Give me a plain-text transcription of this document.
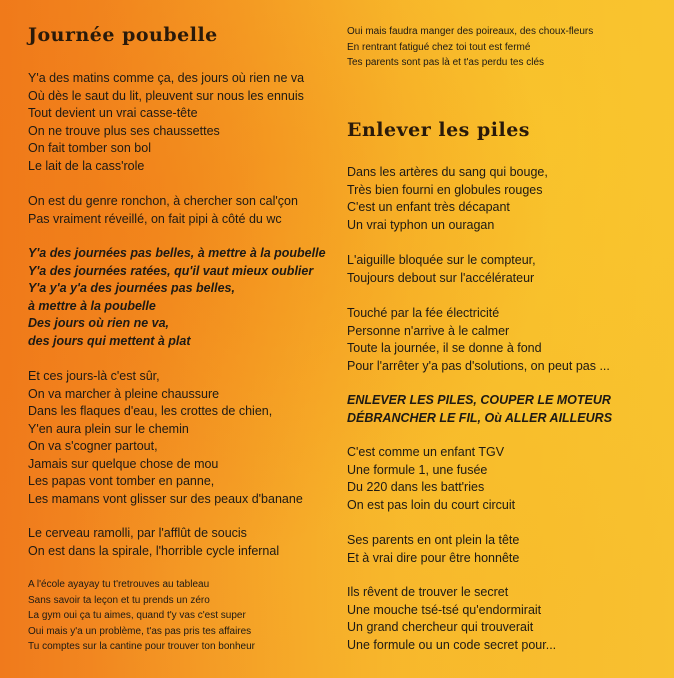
Journée poubelle
Y'a des matins comme ça, des jours où rien ne va
Où dès le saut du lit, pleuvent sur nous les ennuis
Tout devient un vrai casse-tête
On ne trouve plus ses chaussettes
On fait tomber son bol
Le lait de la cass'role
On est du genre ronchon, à chercher son cal'çon
Pas vraiment réveillé, on fait pipi à côté du wc
Y'a des journées pas belles, à mettre à la poubelle
Y'a des journées ratées, qu'il vaut mieux oublier
Y'a y'a y'a des journées pas belles,
à mettre à la poubelle
Des jours où rien ne va,
des jours qui mettent à plat
Et ces jours-là c'est sûr,
On va marcher à pleine chaussure
Dans les flaques d'eau, les crottes de chien,
Y'en aura plein sur le chemin
On va s'cogner partout,
Jamais sur quelque chose de mou
Les papas vont tomber en panne,
Les mamans vont glisser sur des peaux d'banane
Le cerveau ramolli, par l'afflût de soucis
On est dans la spirale, l'horrible cycle infernal
A l'école ayayay tu t'retrouves au tableau
Sans savoir ta leçon et tu prends un zéro
La gym oui ça tu aimes, quand t'y vas c'est super
Oui mais y'a un problème, t'as pas pris tes affaires
Tu comptes sur la cantine pour trouver ton bonheur
Oui mais faudra manger des poireaux, des choux-fleurs
En rentrant fatigué chez toi tout est fermé
Tes parents sont pas là et t'as perdu tes clés
Enlever les piles
Dans les artères du sang qui bouge,
Très bien fourni en globules rouges
C'est un enfant très décapant
Un vrai typhon un ouragan
L'aiguille bloquée sur le compteur,
Toujours debout sur l'accélérateur
Touché par la fée électricité
Personne n'arrive à le calmer
Toute la journée, il se donne à fond
Pour l'arrêter y'a pas d'solutions, on peut pas ...
ENLEVER LES PILES, COUPER LE MOTEUR
DÉBRANCHER LE FIL, Où ALLER AILLEURS
C'est comme un enfant TGV
Une formule 1, une fusée
Du 220 dans les batt'ries
On est pas loin du court circuit
Ses parents en ont plein la tête
Et à vrai dire pour être honnête
Ils rêvent de trouver le secret
Une mouche tsé-tsé qu'endormirait
Un grand chercheur qui trouverait
Une formule ou un code secret pour...
